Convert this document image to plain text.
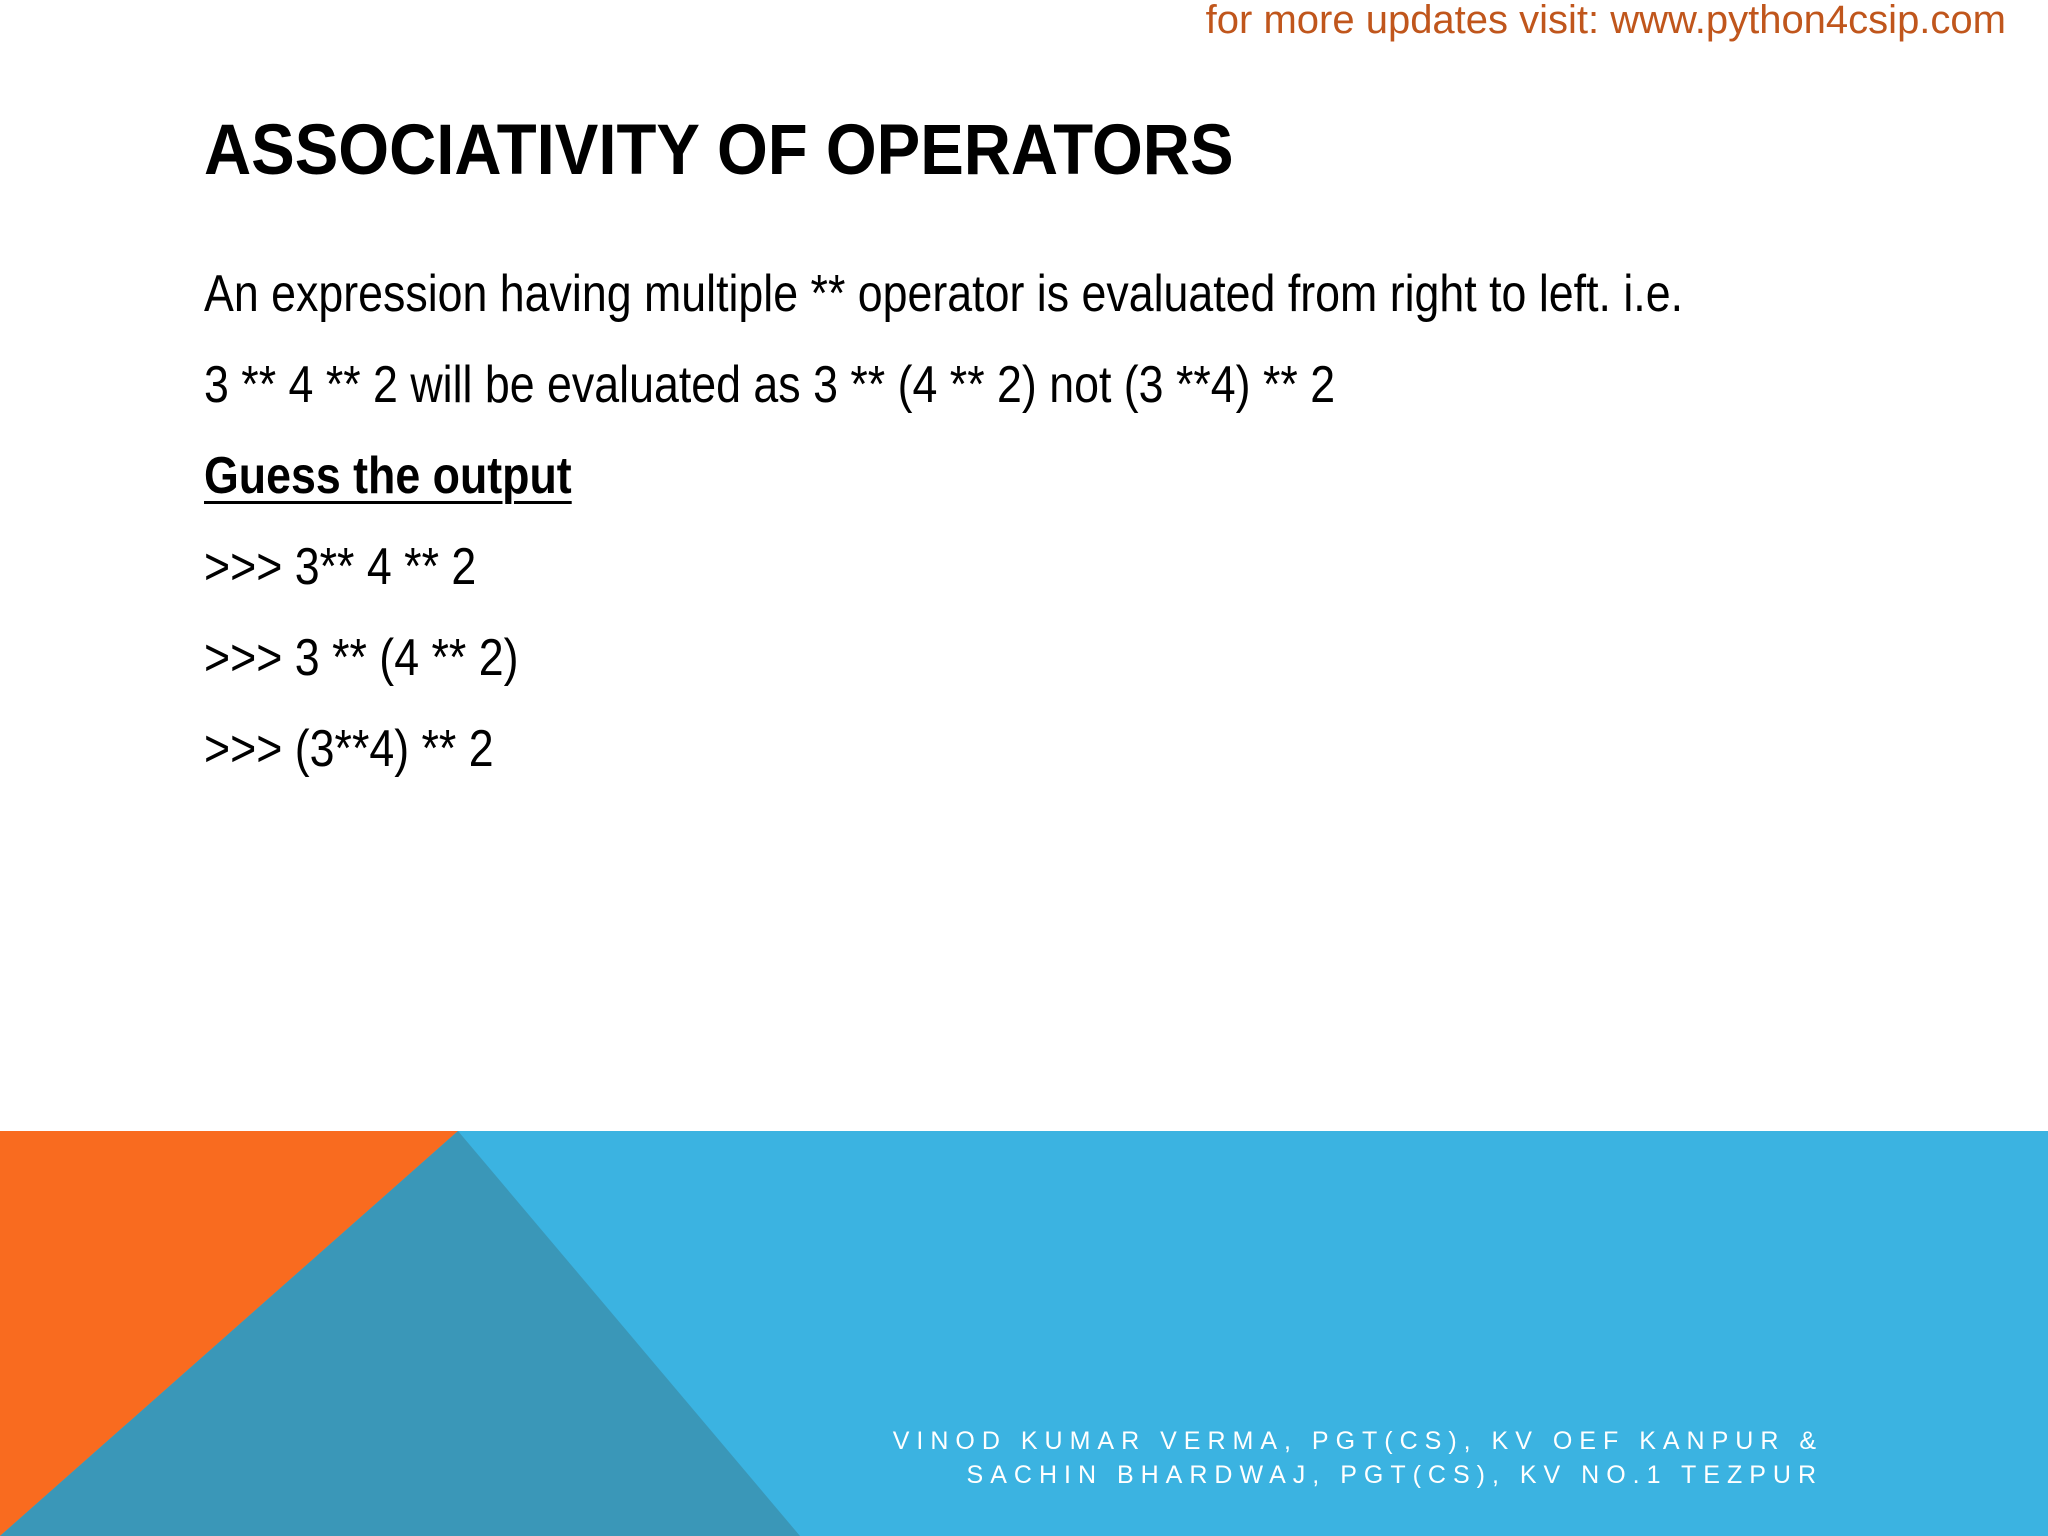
for more updates visit: www.python4csip.com
ASSOCIATIVITY OF OPERATORS
An expression having multiple ** operator is evaluated from right to left. i.e.
3 ** 4 ** 2 will be evaluated as 3 ** (4 ** 2) not (3 **4) ** 2
Guess the output
>>> 3** 4 ** 2
>>> 3 ** (4 ** 2)
>>> (3**4) ** 2
VINOD KUMAR VERMA, PGT(CS), KV OEF KANPUR &
SACHIN BHARDWAJ, PGT(CS), KV NO.1 TEZPUR
